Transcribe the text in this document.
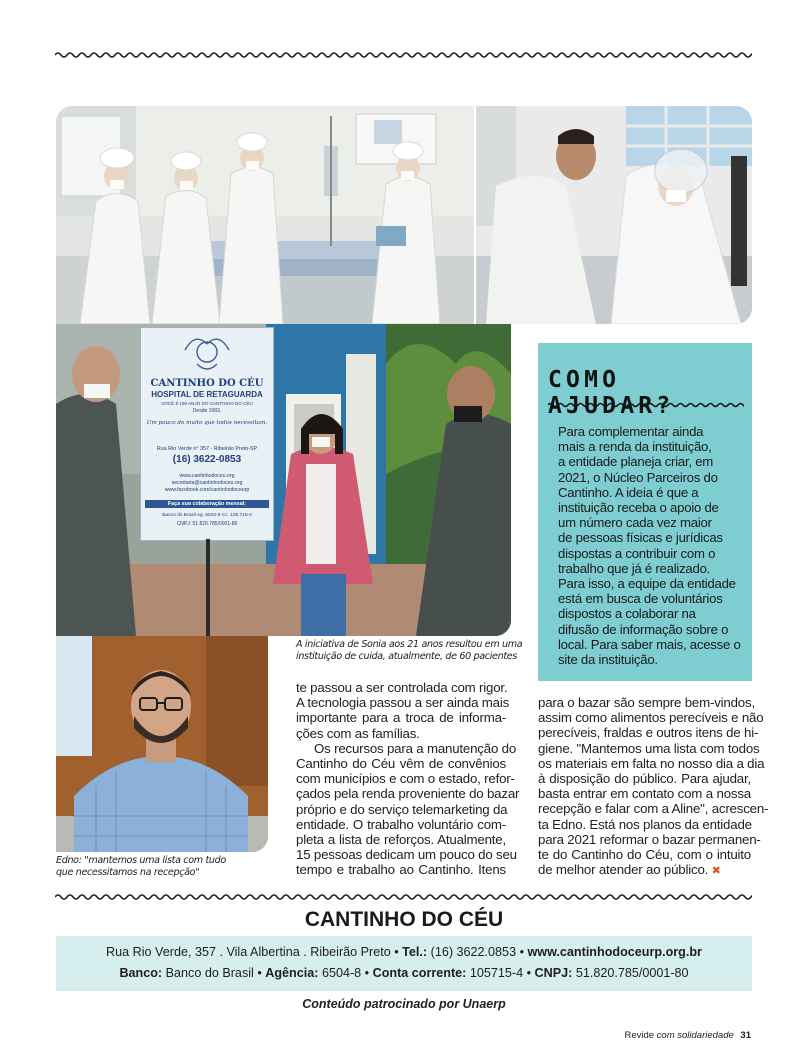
CANTINHO DO CÉU
HOSPITAL DE RETAGUARDA
VOCÊ É UM ANJO DO CANTINHO DO CÉU
Desde 1983.
Um pouco do muito que todos necessitam.
Rua Rio Verde n° 357 - Ribeirão Preto-SP
(16) 3622-0853
www.cantinhodoceu.org
secretaria@cantinhodoceu.org
www.facebook.com/cantinhodoceurp
Faça sua colaboração mensal:
Banco do Brasil Ag. 6504-8 Cc. 105.715-4
CNPJ: 51.820.785/0001-80
A iniciativa de Sonia aos 21 anos resultou em uma
instituição de cuida, atualmente, de 60 pacientes
Edno: "mantemos uma lista com tudo
que necessitamos na recepção"
COMO AJUDAR?
Para complementar ainda
mais a renda da instituição,
a entidade planeja criar, em
2021, o Núcleo Parceiros do
Cantinho. A ideia é que a
instituição receba o apoio de
um número cada vez maior
de pessoas físicas e jurídicas
dispostas a contribuir com o
trabalho que já é realizado.
Para isso, a equipe da entidade
está em busca de voluntários
dispostos a colaborar na
difusão de informação sobre o
local. Para saber mais, acesse o
site da instituição.
te passou a ser controlada com rigor.
A tecnologia passou a ser ainda mais
importante para a troca de informa-
ções com as famílias.
Os recursos para a manutenção do
Cantinho do Céu vêm de convênios
com municípios e com o estado, refor-
çados pela renda proveniente do bazar
próprio e do serviço telemarketing da
entidade. O trabalho voluntário com-
pleta a lista de reforços. Atualmente,
15 pessoas dedicam um pouco do seu
tempo e trabalho ao Cantinho. Itens
para o bazar são sempre bem-vindos,
assim como alimentos perecíveis e não
perecíveis, fraldas e outros itens de hi-
giene. "Mantemos uma lista com todos
os materiais em falta no nosso dia a dia
à disposição do público. Para ajudar,
basta entrar em contato com a nossa
recepção e falar com a Aline", acrescen-
ta Edno. Está nos planos da entidade
para 2021 reformar o bazar permanen-
te do Cantinho do Céu, com o intuito
de melhor atender ao público. ✖
CANTINHO DO CÉU
Rua Rio Verde, 357 . Vila Albertina . Ribeirão Preto • Tel.: (16) 3622.0853 • www.cantinhodoceurp.org.br
Banco: Banco do Brasil • Agência: 6504-8 • Conta corrente: 105715-4 • CNPJ: 51.820.785/0001-80
Conteúdo patrocinado por Unaerp
Revide com solidariedade 31
